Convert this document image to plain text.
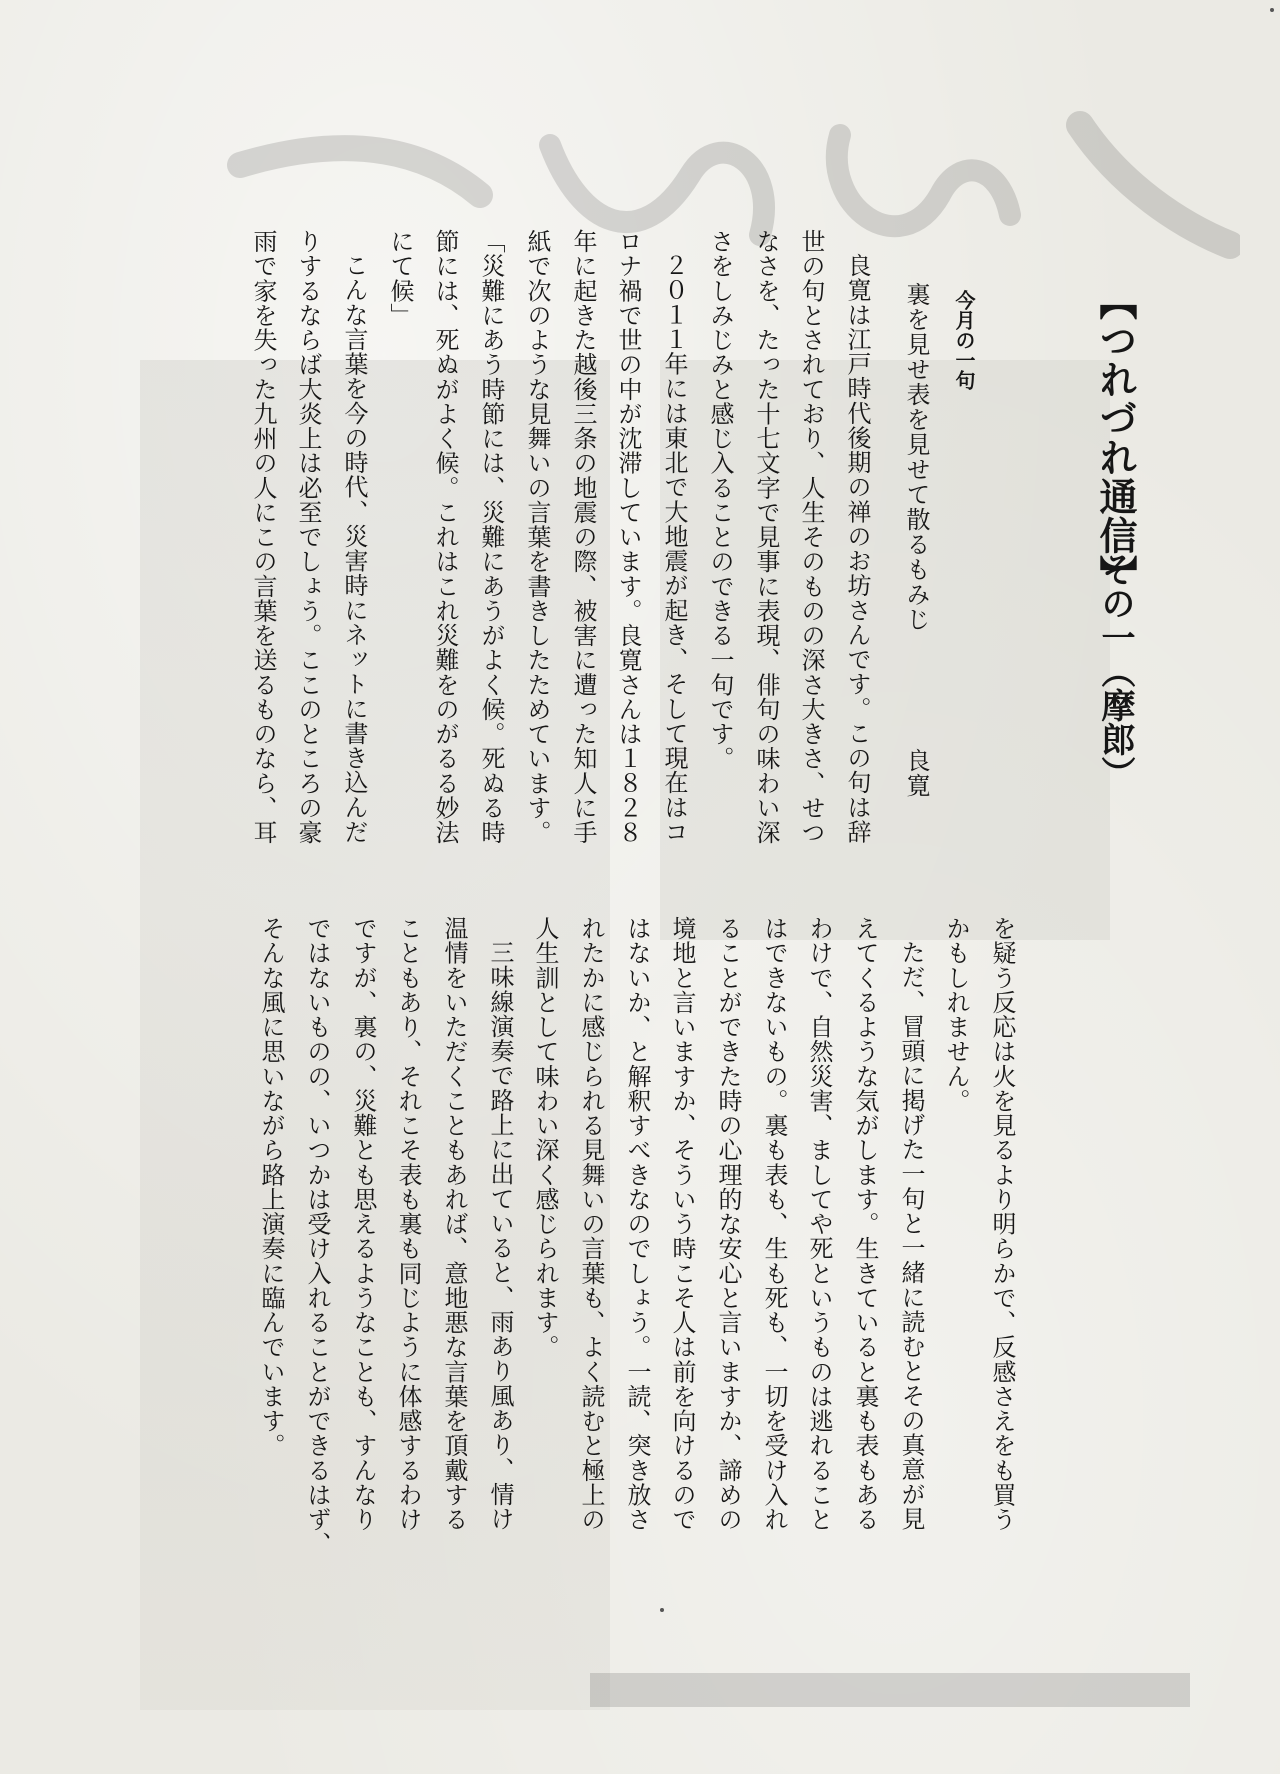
【つれづれ通信】
その一（摩郎）
今月の一句
裏を見せ表を見せて散るもみじ
良寛
良寛は江戸時代後期の禅のお坊さんです。この句は辞
世の句とされており、人生そのものの深さ大きさ、せつ
なさを、たった十七文字で見事に表現、俳句の味わい深
さをしみじみと感じ入ることのできる一句です。
２０１１年には東北で大地震が起き、そして現在はコ
ロナ禍で世の中が沈滞しています。良寛さんは１８２８
年に起きた越後三条の地震の際、被害に遭った知人に手
紙で次のような見舞いの言葉を書きしたためています。
「災難にあう時節には、災難にあうがよく候。死ぬる時
節には、死ぬがよく候。これはこれ災難をのがるる妙法
にて候」
こんな言葉を今の時代、災害時にネットに書き込んだ
りするならば大炎上は必至でしょう。ここのところの豪
雨で家を失った九州の人にこの言葉を送るものなら、耳
を疑う反応は火を見るより明らかで、反感さえをも買う
かもしれません。
ただ、冒頭に掲げた一句と一緒に読むとその真意が見
えてくるような気がします。生きていると裏も表もある
わけで、自然災害、ましてや死というものは逃れること
はできないもの。裏も表も、生も死も、一切を受け入れ
ることができた時の心理的な安心と言いますか、諦めの
境地と言いますか、そういう時こそ人は前を向けるので
はないか、と解釈すべきなのでしょう。一読、突き放さ
れたかに感じられる見舞いの言葉も、よく読むと極上の
人生訓として味わい深く感じられます。
三味線演奏で路上に出ていると、雨あり風あり、情け
温情をいただくこともあれば、意地悪な言葉を頂戴する
こともあり、それこそ表も裏も同じように体感するわけ
ですが、裏の、災難とも思えるようなことも、すんなり
ではないものの、いつかは受け入れることができるはず、
そんな風に思いながら路上演奏に臨んでいます。
